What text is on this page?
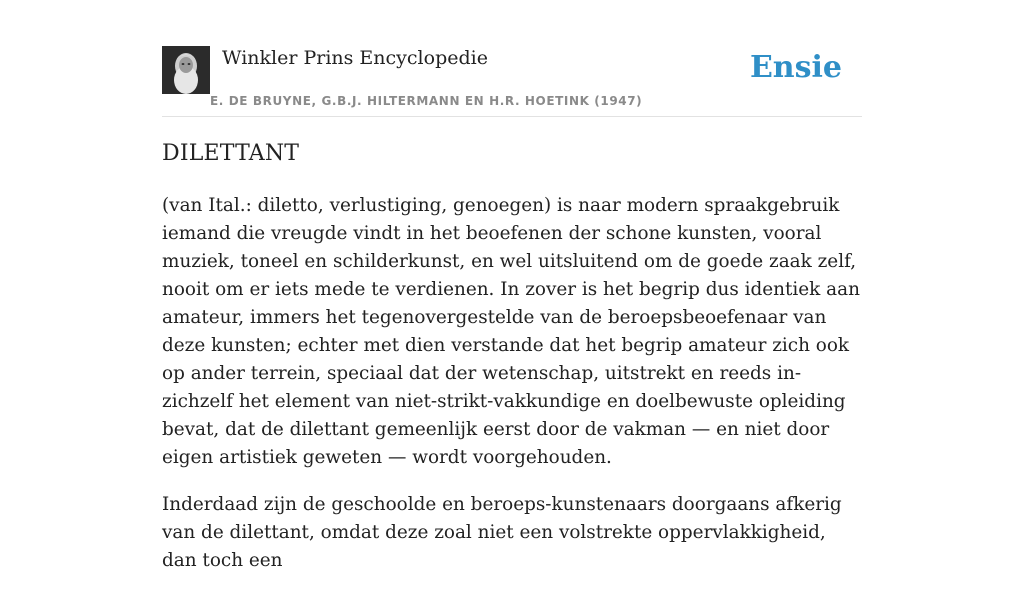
Winkler Prins Encyclopedie
E. DE BRUYNE, G.B.J. HILTERMANN EN H.R. HOETINK (1947)
Ensie
DILETTANT

(van Ital.: diletto, verlustiging, genoegen) is naar modern spraakgebruik iemand die vreugde vindt in het beoefenen der schone kunsten, vooral muziek, toneel en schilderkunst, en wel uitsluitend om de goede zaak zelf, nooit om er iets mede te verdienen. In zover is het begrip dus identiek aan amateur, immers het tegenovergestelde van de beroepsbeoefenaar van deze kunsten; echter met dien verstande dat het begrip amateur zich ook op ander terrein, speciaal dat der wetenschap, uitstrekt en reeds in-zichzelf het element van niet-strikt-vakkundige en doelbewuste opleiding bevat, dat de dilettant gemeenlijk eerst door de vakman — en niet door eigen artistiek geweten — wordt voorgehouden.

Inderdaad zijn de geschoolde en beroeps-kunstenaars doorgaans afkerig van de dilettant, omdat deze zoal niet een volstrekte oppervlakkigheid, dan toch een
